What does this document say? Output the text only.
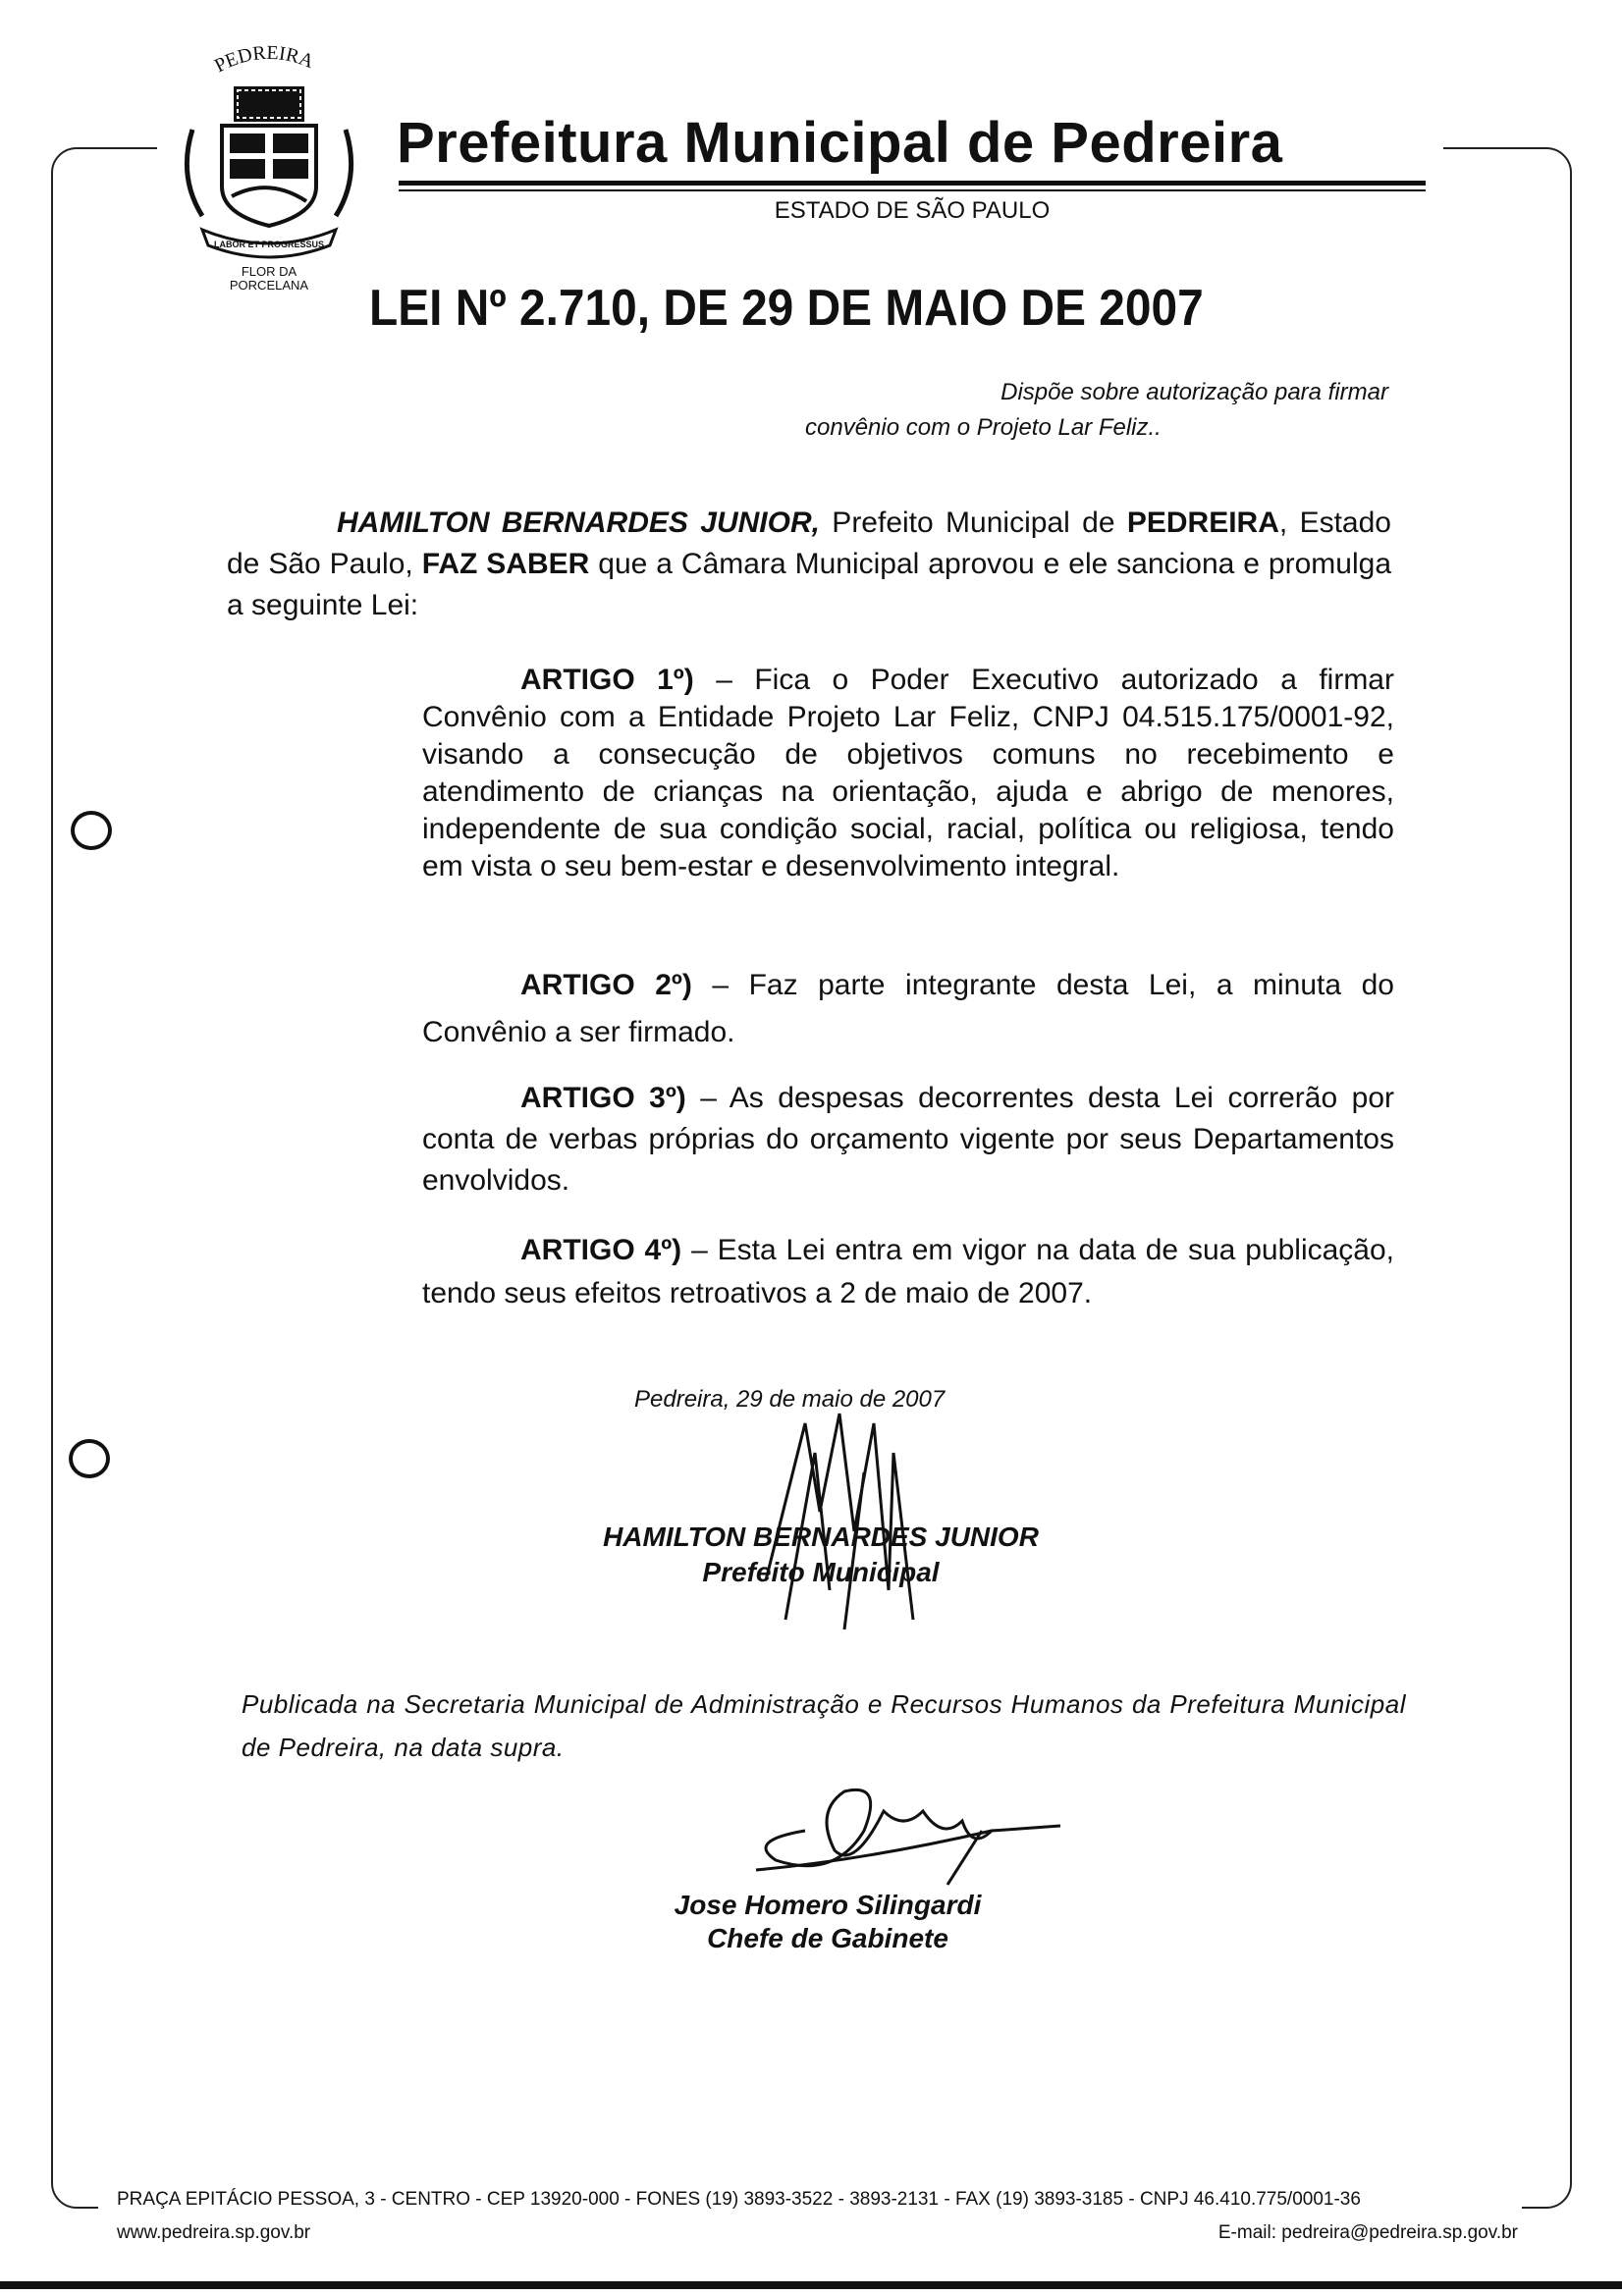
PEDREIRA
LABOR ET PROGRESSUS
FLOR DA
PORCELANA
Prefeitura Municipal de Pedreira
ESTADO DE SÃO PAULO
LEI Nº 2.710, DE 29 DE MAIO DE 2007
Dispõe sobre autorização para firmar
convênio com o Projeto Lar Feliz..
HAMILTON BERNARDES JUNIOR, Prefeito Municipal de PEDREIRA, Estado de São Paulo, FAZ SABER que a Câmara Municipal aprovou e ele sanciona e promulga a seguinte Lei:
ARTIGO 1º) – Fica o Poder Executivo autorizado a firmar Convênio com a Entidade Projeto Lar Feliz, CNPJ 04.515.175/0001-92, visando a consecução de objetivos comuns no recebimento e atendimento de crianças na orientação, ajuda e abrigo de menores, independente de sua condição social, racial, política ou religiosa, tendo em vista o seu bem-estar e desenvolvimento integral.
ARTIGO 2º) – Faz parte integrante desta Lei, a minuta do Convênio a ser firmado.
ARTIGO 3º) – As despesas decorrentes desta Lei correrão por conta de verbas próprias do orçamento vigente por seus Departamentos envolvidos.
ARTIGO 4º) – Esta Lei entra em vigor na data de sua publicação, tendo seus efeitos retroativos a 2 de maio de 2007.
Pedreira, 29 de maio de 2007
HAMILTON BERNARDES JUNIOR
Prefeito Municipal
Publicada na Secretaria Municipal de Administração e Recursos Humanos da Prefeitura Municipal de Pedreira, na data supra.
Jose Homero Silingardi
Chefe de Gabinete
PRAÇA EPITÁCIO PESSOA, 3 - CENTRO - CEP 13920-000 - FONES (19) 3893-3522 - 3893-2131 - FAX (19) 3893-3185 - CNPJ 46.410.775/0001-36
www.pedreira.sp.gov.br	E-mail: pedreira@pedreira.sp.gov.br
